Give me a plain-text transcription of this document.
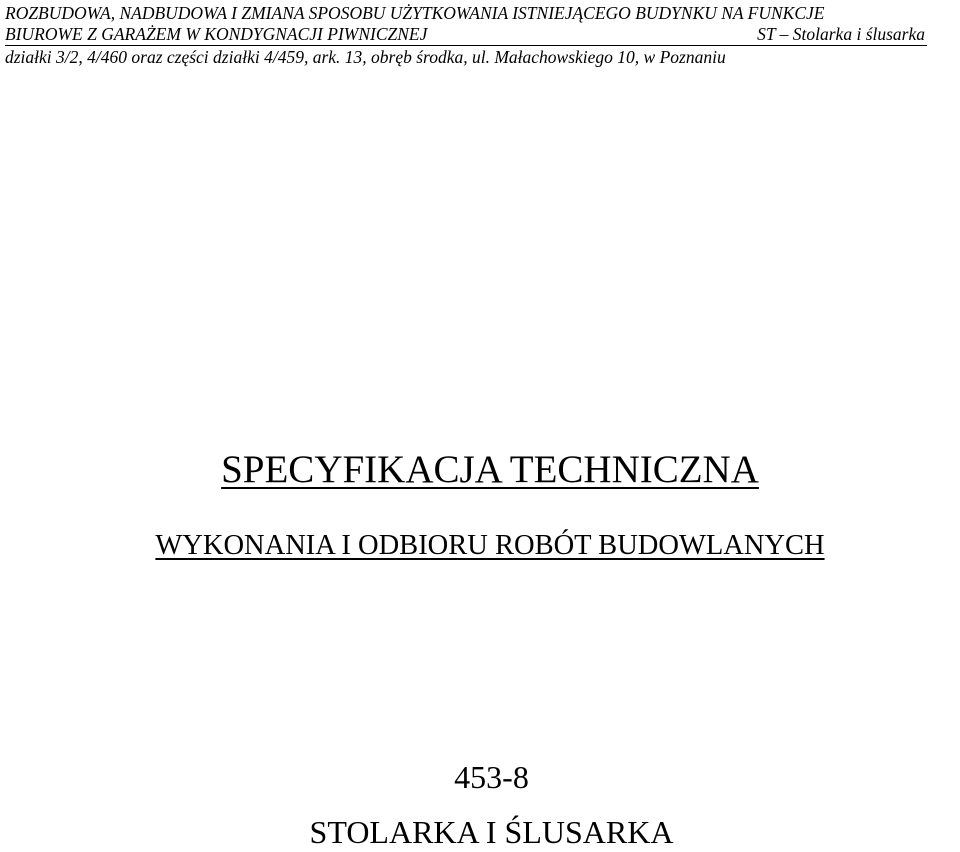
ROZBUDOWA, NADBUDOWA I ZMIANA SPOSOBU UŻYTKOWANIA ISTNIEJĄCEGO BUDYNKU NA FUNKCJE
BIUROWE Z GARAŻEM W KONDYGNACJI PIWNICZNEJ	ST – Stolarka i ślusarka
działki 3/2, 4/460 oraz części działki 4/459, ark. 13, obręb środka, ul. Małachowskiego 10, w Poznaniu
SPECYFIKACJA TECHNICZNA
WYKONANIA I ODBIORU ROBÓT BUDOWLANYCH
453-8
STOLARKA I ŚLUSARKA
